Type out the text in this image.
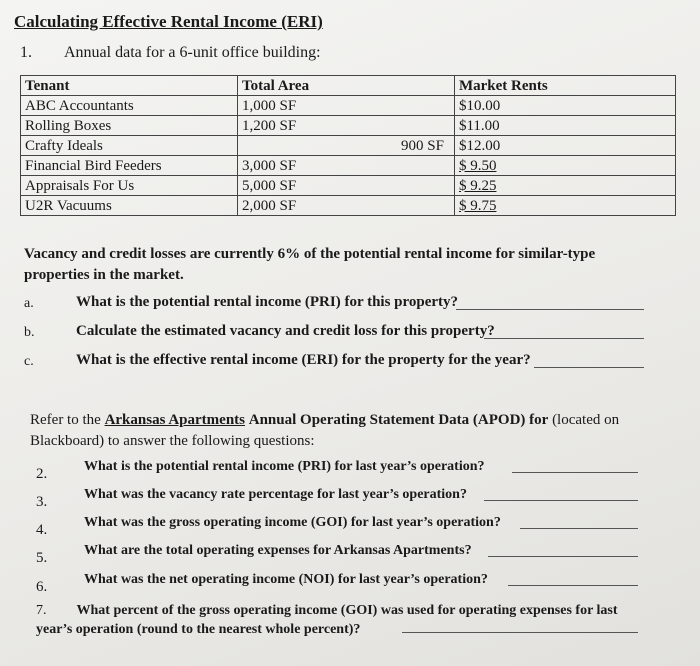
Calculating Effective Rental Income (ERI)
1. Annual data for a 6-unit office building:
Tenant	Total Area	Market Rents
ABC Accountants	1,000 SF	$10.00
Rolling Boxes	1,200 SF	$11.00
Crafty Ideals	900 SF	$12.00
Financial Bird Feeders	3,000 SF	$ 9.50
Appraisals For Us	5,000 SF	$ 9.25
U2R Vacuums	2,000 SF	$ 9.75
Vacancy and credit losses are currently 6% of the potential rental income for similar-type properties in the market.
a.	What is the potential rental income (PRI) for this property?
b.	Calculate the estimated vacancy and credit loss for this property?
c.	What is the effective rental income (ERI) for the property for the year?
Refer to the Arkansas Apartments Annual Operating Statement Data (APOD) for (located on Blackboard) to answer the following questions:
2.	What is the potential rental income (PRI) for last year’s operation?
3.	What was the vacancy rate percentage for last year’s operation?
4.	What was the gross operating income (GOI) for last year’s operation?
5.	What are the total operating expenses for Arkansas Apartments?
6.	What was the net operating income (NOI) for last year’s operation?
7. What percent of the gross operating income (GOI) was used for operating expenses for last year’s operation (round to the nearest whole percent)?
